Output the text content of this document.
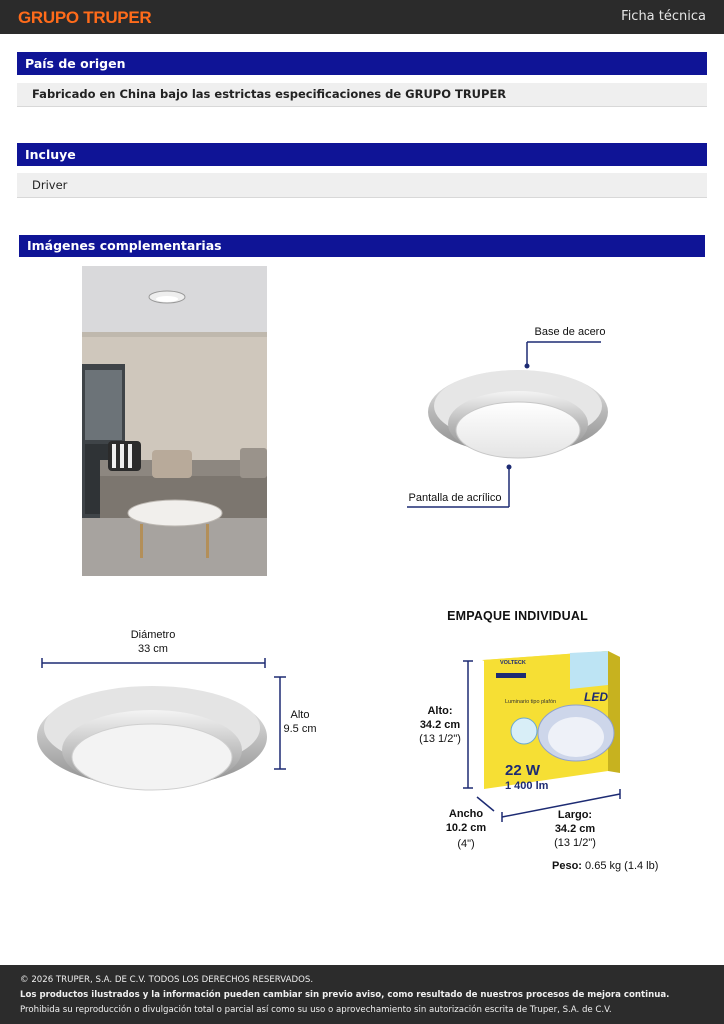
GRUPO TRUPER	Ficha técnica
País de origen
Fabricado en China bajo las estrictas especificaciones de GRUPO TRUPER
Incluye
Driver
Imágenes complementarias
Base de acero
Pantalla de acrílico
Diámetro
33 cm
Alto
9.5 cm
EMPAQUE INDIVIDUAL
VOLTECK
Luminario tipo plafón	LED
22 W
1 400 lm
Alto:
34.2 cm
(13 1/2")
Ancho
10.2 cm
(4")
Largo:
34.2 cm
(13 1/2")
Peso: 0.65 kg (1.4 lb)
© 2026 TRUPER, S.A. DE C.V. TODOS LOS DERECHOS RESERVADOS.
Los productos ilustrados y la información pueden cambiar sin previo aviso, como resultado de nuestros procesos de mejora continua.
Prohibida su reproducción o divulgación total o parcial así como su uso o aprovechamiento sin autorización escrita de Truper, S.A. de C.V.
